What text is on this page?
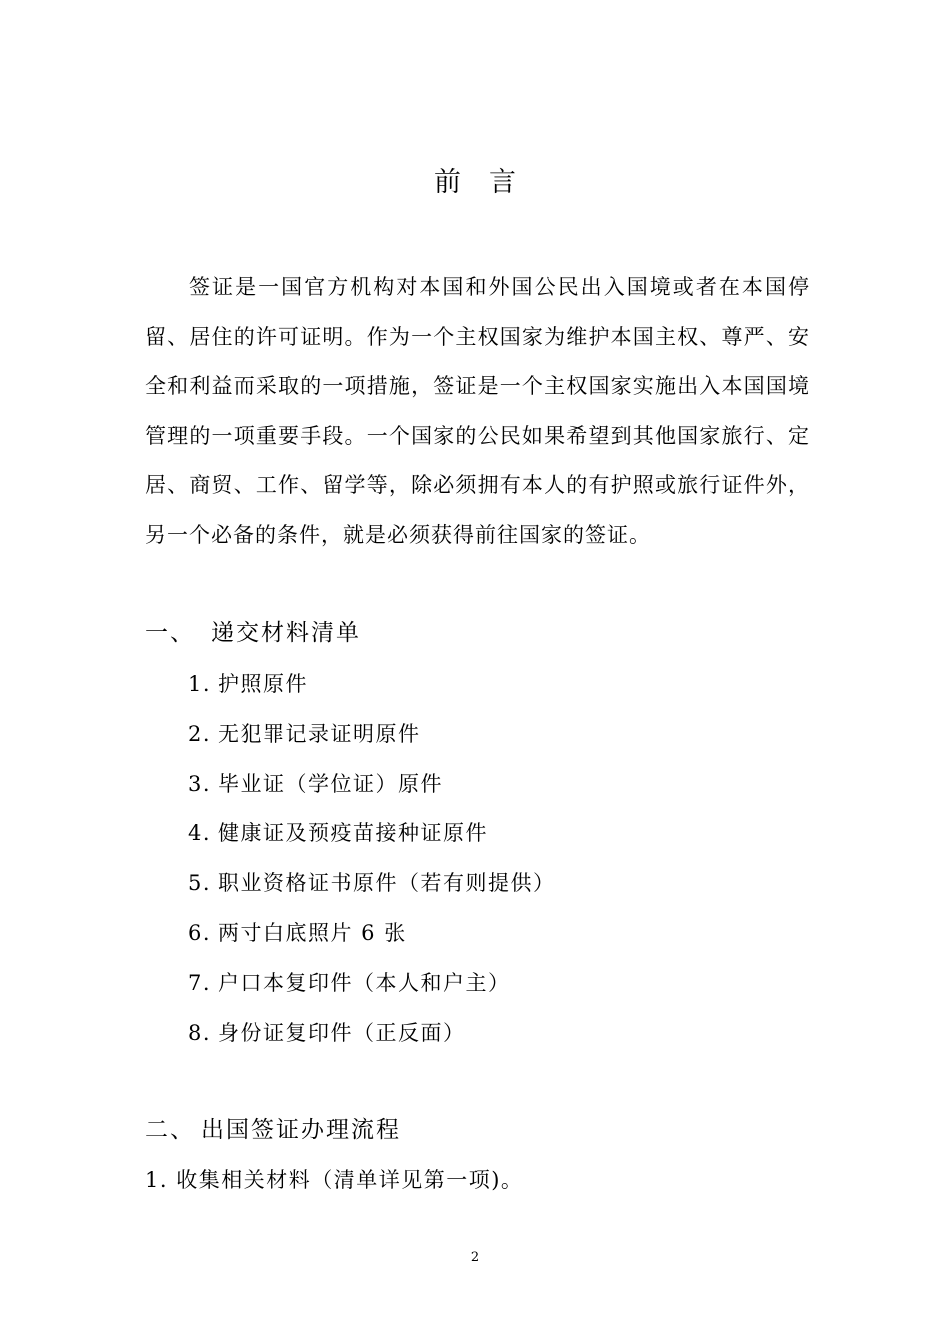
前言

签证是一国官方机构对本国和外国公民出入国境或者在本国停留、居住的许可证明。作为一个主权国家为维护本国主权、尊严、安全和利益而采取的一项措施，签证是一个主权国家实施出入本国国境管理的一项重要手段。一个国家的公民如果希望到其他国家旅行、定居、商贸、工作、留学等，除必须拥有本人的有护照或旅行证件外，另一个必备的条件，就是必须获得前往国家的签证。

一、 递交材料清单
1. 护照原件
2. 无犯罪记录证明原件
3. 毕业证（学位证）原件
4. 健康证及预疫苗接种证原件
5. 职业资格证书原件（若有则提供）
6. 两寸白底照片 6 张
7. 户口本复印件（本人和户主）
8. 身份证复印件（正反面）
二、 出国签证办理流程

1. 收集相关材料（清单详见第一项)。

2
